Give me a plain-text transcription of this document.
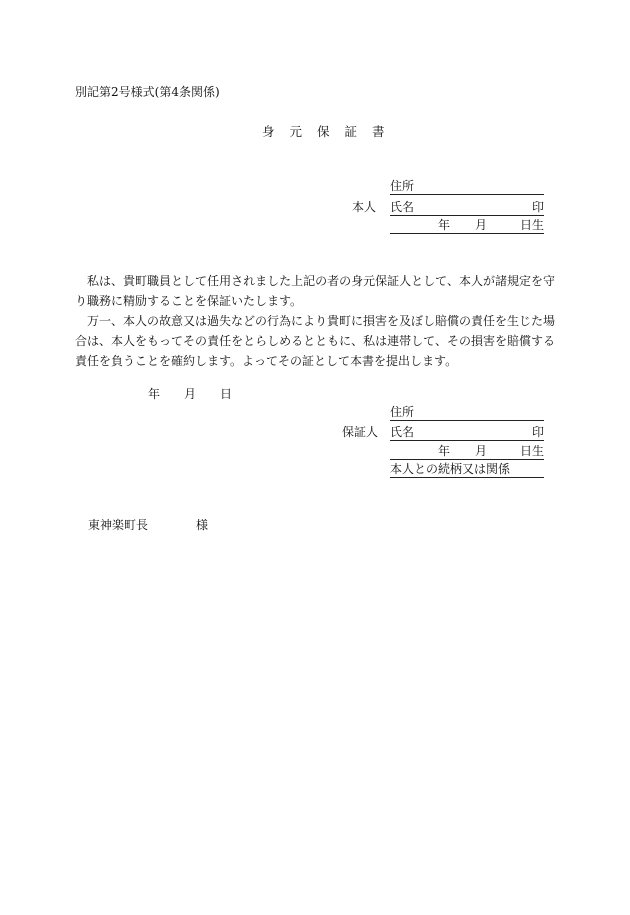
別記第2号様式(第4条関係)
身元保証書
住所
本人 氏名	印
年 月	日生

私は、貴町職員として任用されました上記の者の身元保証人として、本人が諸規定を守り職務に精励することを保証いたします。

万一、本人の故意又は過失などの行為により貴町に損害を及ぼし賠償の責任を生じた場合は、本人をもってその責任をとらしめるとともに、私は連帯して、その損害を賠償する責任を負うことを確約します。よってその証として本書を提出します。

年 月 日
住所
保証人 氏名	印
年 月	日生
本人との続柄又は関係
東神楽町長	様
